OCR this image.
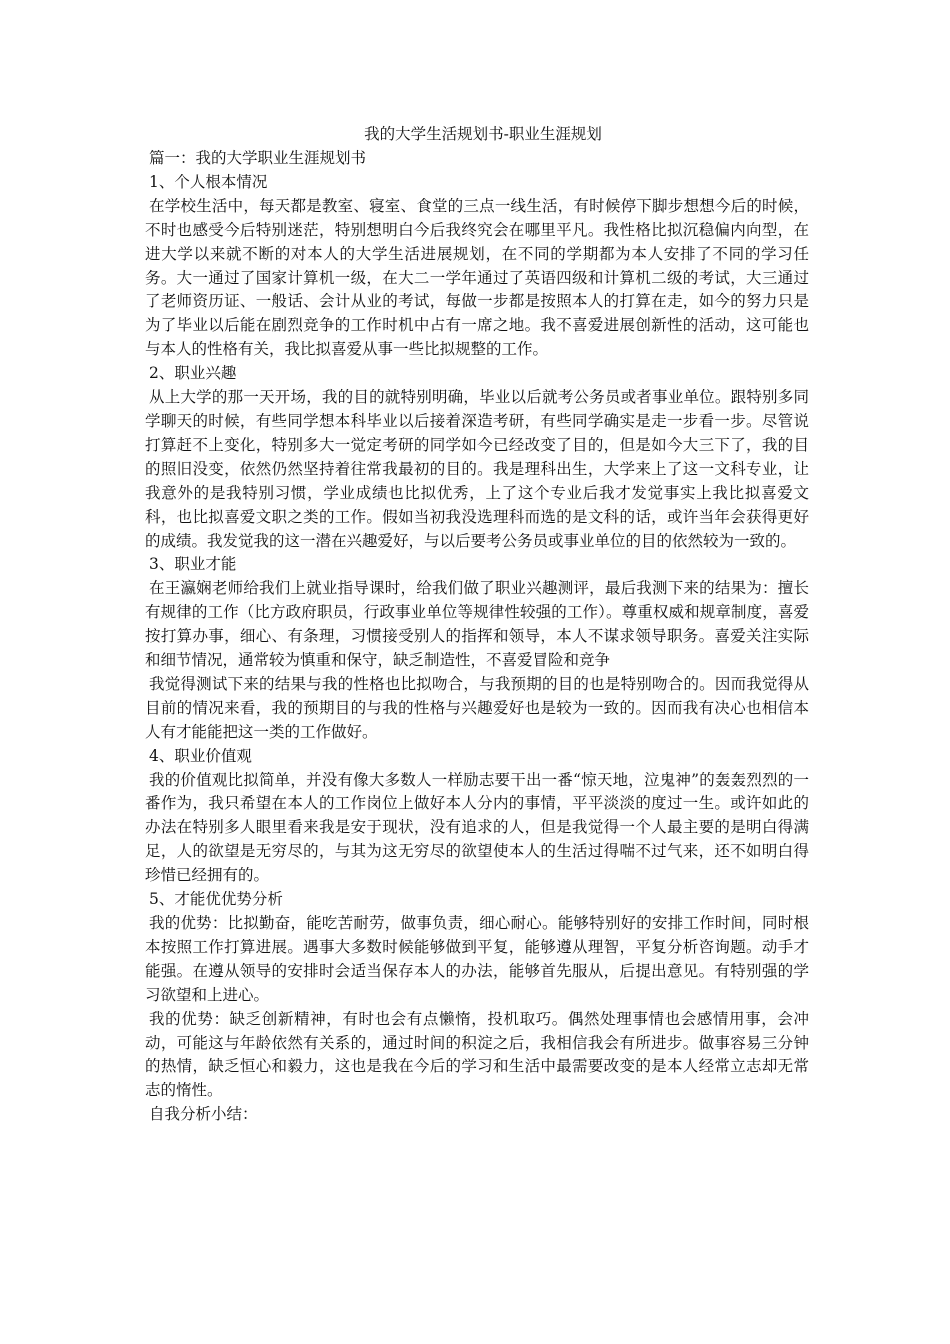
我的大学生活规划书-职业生涯规划
篇一：我的大学职业生涯规划书
1、个人根本情况
在学校生活中，每天都是教室、寝室、食堂的三点一线生活，有时候停下脚步想想今后的时候，不时也感受今后特别迷茫，特别想明白今后我终究会在哪里平凡。我性格比拟沉稳偏内向型，在进大学以来就不断的对本人的大学生活进展规划，在不同的学期都为本人安排了不同的学习任务。大一通过了国家计算机一级，在大二一学年通过了英语四级和计算机二级的考试，大三通过了老师资历证、一般话、会计从业的考试，每做一步都是按照本人的打算在走，如今的努力只是为了毕业以后能在剧烈竞争的工作时机中占有一席之地。我不喜爱进展创新性的活动，这可能也与本人的性格有关，我比拟喜爱从事一些比拟规整的工作。
2、职业兴趣
从上大学的那一天开场，我的目的就特别明确，毕业以后就考公务员或者事业单位。跟特别多同学聊天的时候，有些同学想本科毕业以后接着深造考研，有些同学确实是走一步看一步。尽管说打算赶不上变化，特别多大一觉定考研的同学如今已经改变了目的，但是如今大三下了，我的目的照旧没变，依然仍然坚持着往常我最初的目的。我是理科出生，大学来上了这一文科专业，让我意外的是我特别习惯，学业成绩也比拟优秀，上了这个专业后我才发觉事实上我比拟喜爱文科，也比拟喜爱文职之类的工作。假如当初我没选理科而选的是文科的话，或许当年会获得更好的成绩。我发觉我的这一潜在兴趣爱好，与以后要考公务员或事业单位的目的依然较为一致的。
3、职业才能
在王瀛娴老师给我们上就业指导课时，给我们做了职业兴趣测评，最后我测下来的结果为：擅长有规律的工作（比方政府职员，行政事业单位等规律性较强的工作）。尊重权威和规章制度，喜爱按打算办事，细心、有条理，习惯接受别人的指挥和领导，本人不谋求领导职务。喜爱关注实际和细节情况，通常较为慎重和保守，缺乏制造性，不喜爱冒险和竞争
我觉得测试下来的结果与我的性格也比拟吻合，与我预期的目的也是特别吻合的。因而我觉得从目前的情况来看，我的预期目的与我的性格与兴趣爱好也是较为一致的。因而我有决心也相信本人有才能能把这一类的工作做好。
4、职业价值观
我的价值观比拟简单，并没有像大多数人一样励志要干出一番“惊天地，泣鬼神”的轰轰烈烈的一番作为，我只希望在本人的工作岗位上做好本人分内的事情，平平淡淡的度过一生。或许如此的办法在特别多人眼里看来我是安于现状，没有追求的人，但是我觉得一个人最主要的是明白得满足，人的欲望是无穷尽的，与其为这无穷尽的欲望使本人的生活过得喘不过气来，还不如明白得珍惜已经拥有的。
5、才能优优势分析
我的优势：比拟勤奋，能吃苦耐劳，做事负责，细心耐心。能够特别好的安排工作时间，同时根本按照工作打算进展。遇事大多数时候能够做到平复，能够遵从理智，平复分析咨询题。动手才能强。在遵从领导的安排时会适当保存本人的办法，能够首先服从，后提出意见。有特别强的学习欲望和上进心。
我的优势：缺乏创新精神，有时也会有点懒惰，投机取巧。偶然处理事情也会感情用事，会冲动，可能这与年龄依然有关系的，通过时间的积淀之后，我相信我会有所进步。做事容易三分钟的热情，缺乏恒心和毅力，这也是我在今后的学习和生活中最需要改变的是本人经常立志却无常志的惰性。
自我分析小结：
